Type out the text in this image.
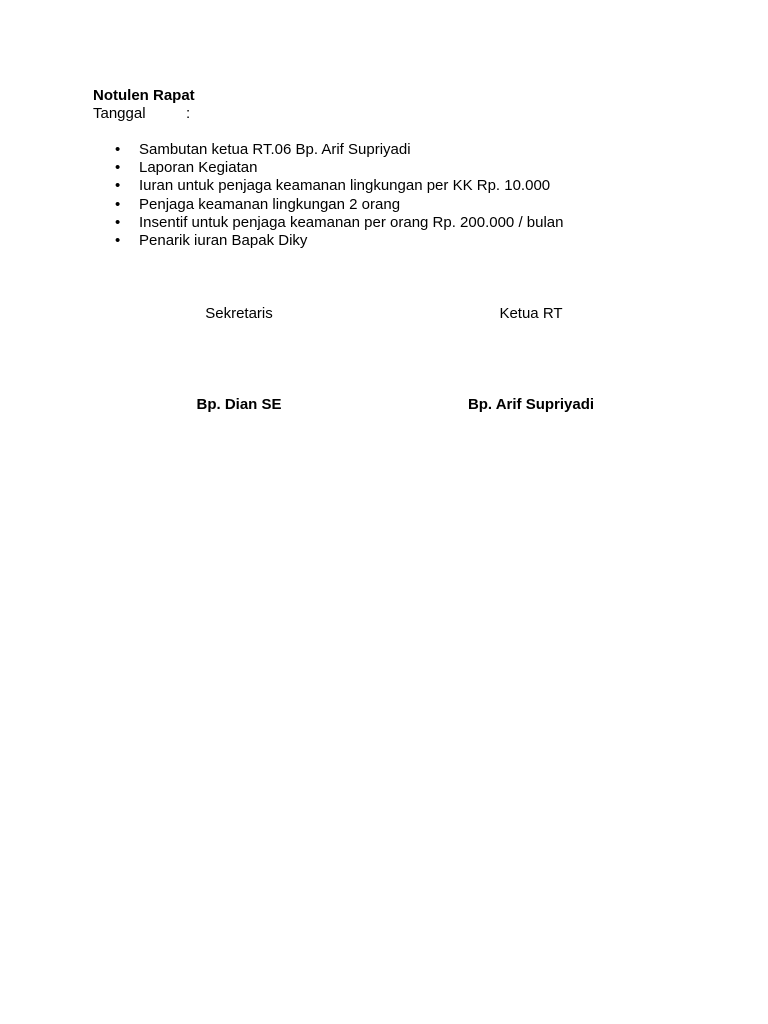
Notulen Rapat

Tanggal	:

• Sambutan ketua RT.06 Bp. Arif Supriyadi
• Laporan Kegiatan
• Iuran untuk penjaga keamanan lingkungan per KK Rp. 10.000
• Penjaga keamanan lingkungan 2 orang
• Insentif untuk penjaga keamanan per orang Rp. 200.000 / bulan
• Penarik iuran Bapak Diky

Sekretaris	Ketua RT

Bp. Dian SE	Bp. Arif Supriyadi
